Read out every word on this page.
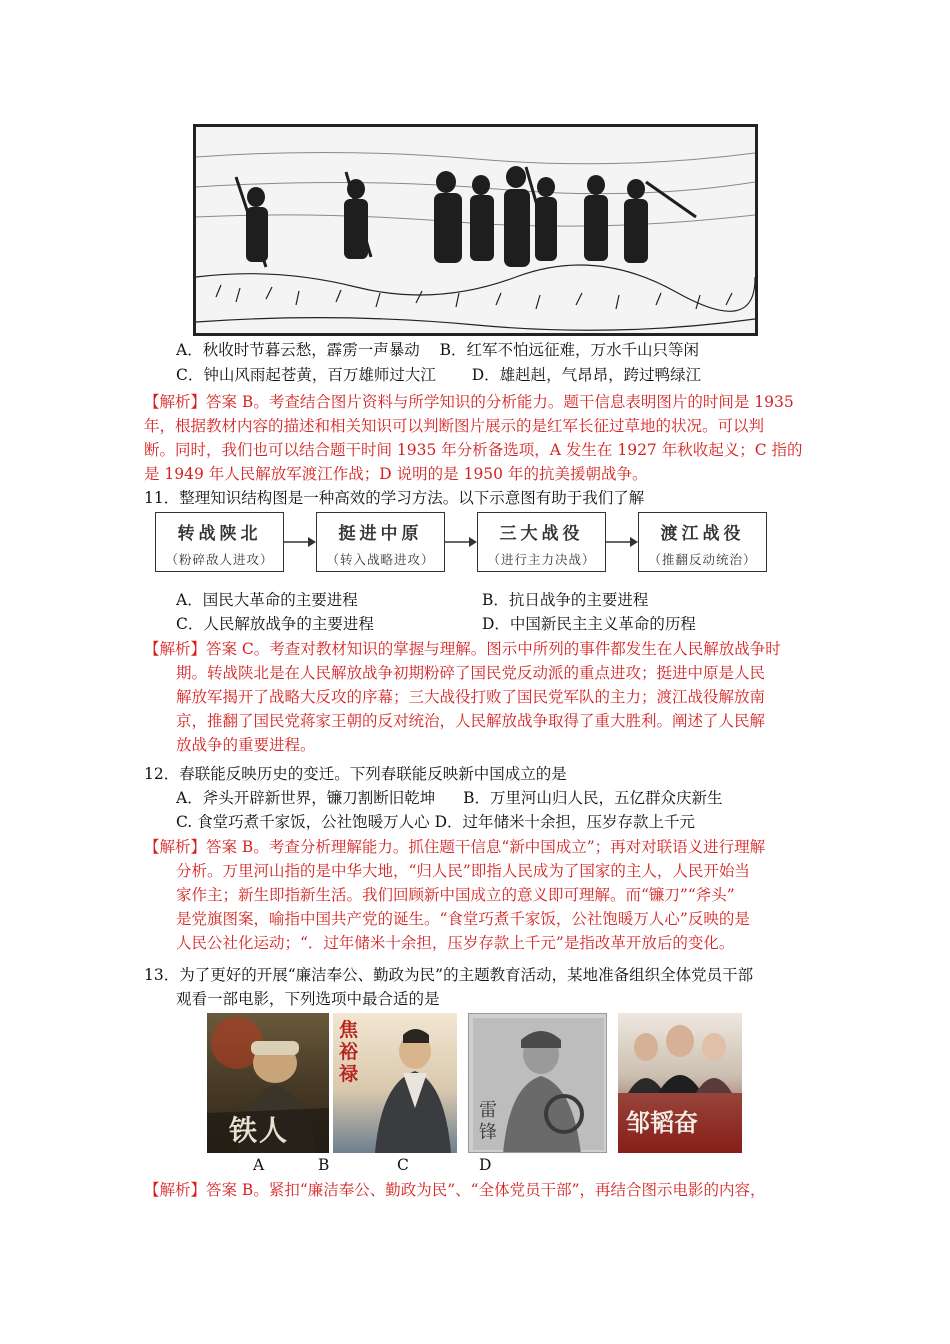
A．秋收时节暮云愁，霹雳一声暴动 B．红军不怕远征难，万水千山只等闲
C．钟山风雨起苍黄，百万雄师过大江 D．雄赳赳，气昂昂，跨过鸭绿江
【解析】答案 B。考查结合图片资料与所学知识的分析能力。题干信息表明图片的时间是 1935
年，根据教材内容的描述和相关知识可以判断图片展示的是红军长征过草地的状况。可以判
断。同时，我们也可以结合题干时间 1935 年分析备选项，A 发生在 1927 年秋收起义；C 指的
是 1949 年人民解放军渡江作战；D 说明的是 1950 年的抗美援朝战争。
11．整理知识结构图是一种高效的学习方法。以下示意图有助于我们了解
转战陕北
（粉碎敌人进攻）
挺进中原
（转入战略进攻）
三大战役
（进行主力决战）
渡江战役
（推翻反动统治）
A．国民大革命的主要进程	B．抗日战争的主要进程
C．人民解放战争的主要进程	D．中国新民主主义革命的历程
【解析】答案 C。考查对教材知识的掌握与理解。图示中所列的事件都发生在人民解放战争时
期。转战陕北是在人民解放战争初期粉碎了国民党反动派的重点进攻；挺进中原是人民
解放军揭开了战略大反攻的序幕；三大战役打败了国民党军队的主力；渡江战役解放南
京，推翻了国民党蒋家王朝的反对统治，人民解放战争取得了重大胜利。阐述了人民解
放战争的重要进程。
12．春联能反映历史的变迁。下列春联能反映新中国成立的是
A．斧头开辟新世界，镰刀割断旧乾坤 B．万里河山归人民，五亿群众庆新生
C. 食堂巧煮千家饭，公社饱暖万人心 D．过年储米十余担，压岁存款上千元
【解析】答案 B。考查分析理解能力。抓住题干信息“新中国成立”；再对对联语义进行理解
分析。万里河山指的是中华大地，“归人民”即指人民成为了国家的主人，人民开始当
家作主；新生即指新生活。我们回顾新中国成立的意义即可理解。而“镰刀”“斧头”
是党旗图案，喻指中国共产党的诞生。“食堂巧煮千家饭，公社饱暖万人心”反映的是
人民公社化运动；“．过年储米十余担，压岁存款上千元”是指改革开放后的变化。
13．为了更好的开展“廉洁奉公、勤政为民”的主题教育活动，某地准备组织全体党员干部
观看一部电影，下列选项中最合适的是
铁人
焦裕禄
雷锋	邹韬奋
A	B	C	D
【解析】答案 B。紧扣“廉洁奉公、勤政为民”、“全体党员干部”，再结合图示电影的内容，
